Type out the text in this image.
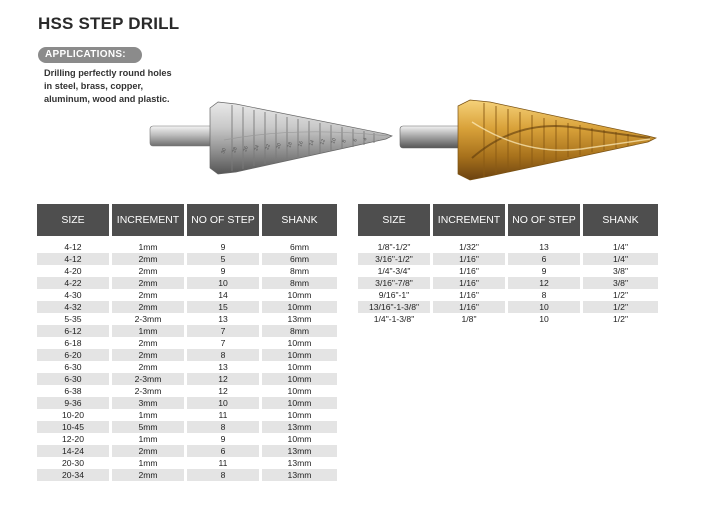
HSS STEP DRILL
APPLICATIONS:
Drilling perfectly round holes
in steel, brass, copper,
aluminum, wood and plastic.
30 28 26 24 22 20 18 16 14 12 10 8 6 4
SIZE	INCREMENT	NO OF STEP	SHANK
4-12	1mm	9	6mm
4-12	2mm	5	6mm
4-20	2mm	9	8mm
4-22	2mm	10	8mm
4-30	2mm	14	10mm
4-32	2mm	15	10mm
5-35	2-3mm	13	13mm
6-12	1mm	7	8mm
6-18	2mm	7	10mm
6-20	2mm	8	10mm
6-30	2mm	13	10mm
6-30	2-3mm	12	10mm
6-38	2-3mm	12	10mm
9-36	3mm	10	10mm
10-20	1mm	11	10mm
10-45	5mm	8	13mm
12-20	1mm	9	10mm
14-24	2mm	6	13mm
20-30	1mm	11	13mm
20-34	2mm	8	13mm
SIZE	INCREMENT	NO OF STEP	SHANK
1/8"-1/2"	1/32"	13	1/4"
3/16"-1/2"	1/16"	6	1/4"
1/4"-3/4"	1/16"	9	3/8"
3/16"-7/8"	1/16"	12	3/8"
9/16"-1"	1/16"	8	1/2"
13/16"-1-3/8"	1/16"	10	1/2"
1/4"-1-3/8"	1/8"	10	1/2"
